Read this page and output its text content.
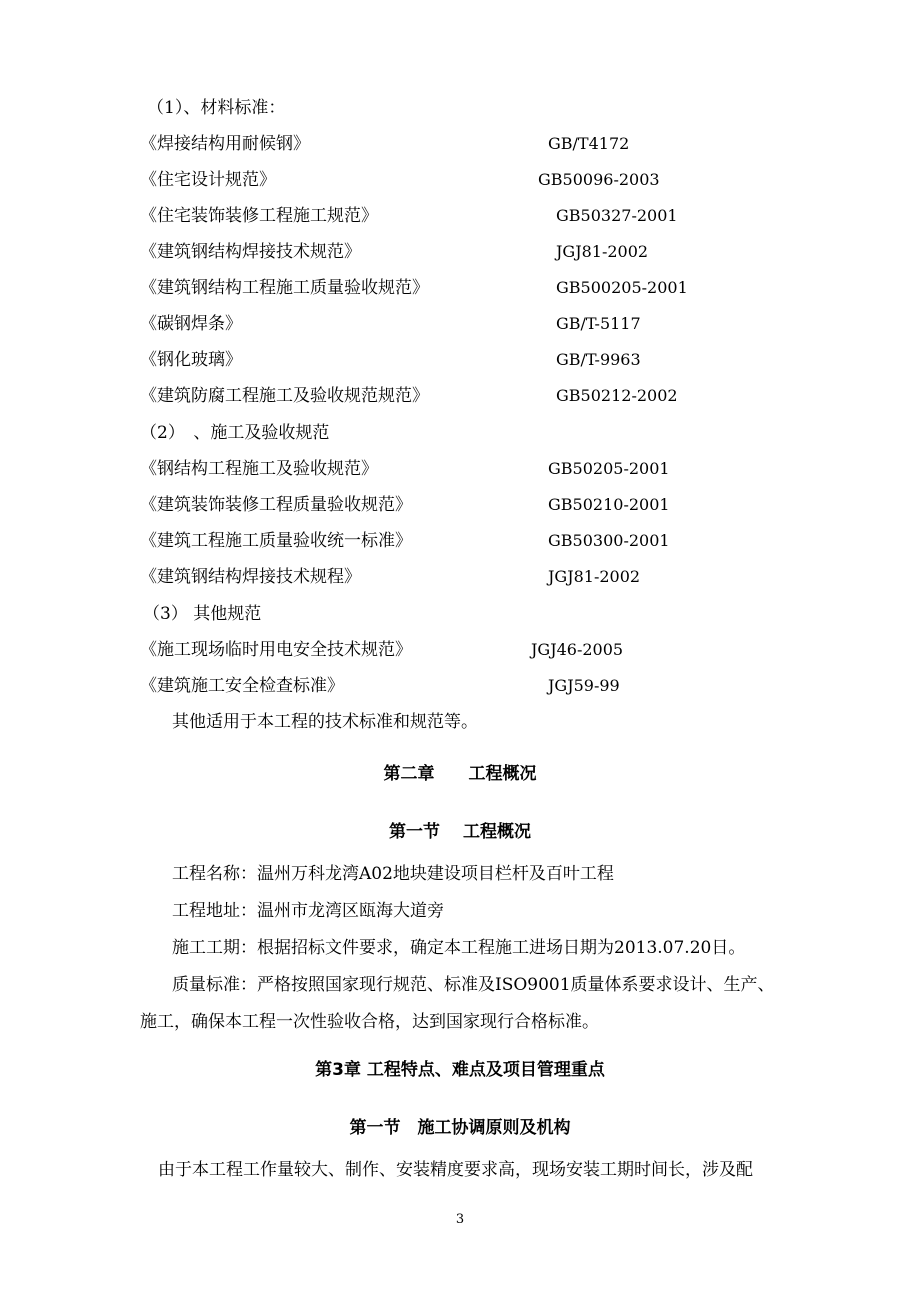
（1）、材料标准：
《焊接结构用耐候钢》	GB/T4172
《住宅设计规范》	GB50096-2003
《住宅装饰装修工程施工规范》	GB50327-2001
《建筑钢结构焊接技术规范》	JGJ81-2002
《建筑钢结构工程施工质量验收规范》	GB500205-2001
《碳钢焊条》	GB/T-5117
《钢化玻璃》	GB/T-9963
《建筑防腐工程施工及验收规范规范》	GB50212-2002
（2）　、施工及验收规范
《钢结构工程施工及验收规范》	GB50205-2001
《建筑装饰装修工程质量验收规范》	GB50210-2001
《建筑工程施工质量验收统一标准》	GB50300-2001
《建筑钢结构焊接技术规程》	JGJ81-2002
（3） 其他规范
《施工现场临时用电安全技术规范》	JGJ46-2005
《建筑施工安全检查标准》	JGJ59-99
其他适用于本工程的技术标准和规范等。
第二章　　工程概况
第一节　 工程概况
工程名称：温州万科龙湾A02地块建设项目栏杆及百叶工程
工程地址：温州市龙湾区瓯海大道旁
施工工期：根据招标文件要求，确定本工程施工进场日期为2013.07.20日。
质量标准：严格按照国家现行规范、标准及ISO9001质量体系要求设计、生产、
施工，确保本工程一次性验收合格，达到国家现行合格标准。
第3章 工程特点、难点及项目管理重点
第一节　施工协调原则及机构
由于本工程工作量较大、制作、安装精度要求高，现场安装工期时间长，涉及配
3
